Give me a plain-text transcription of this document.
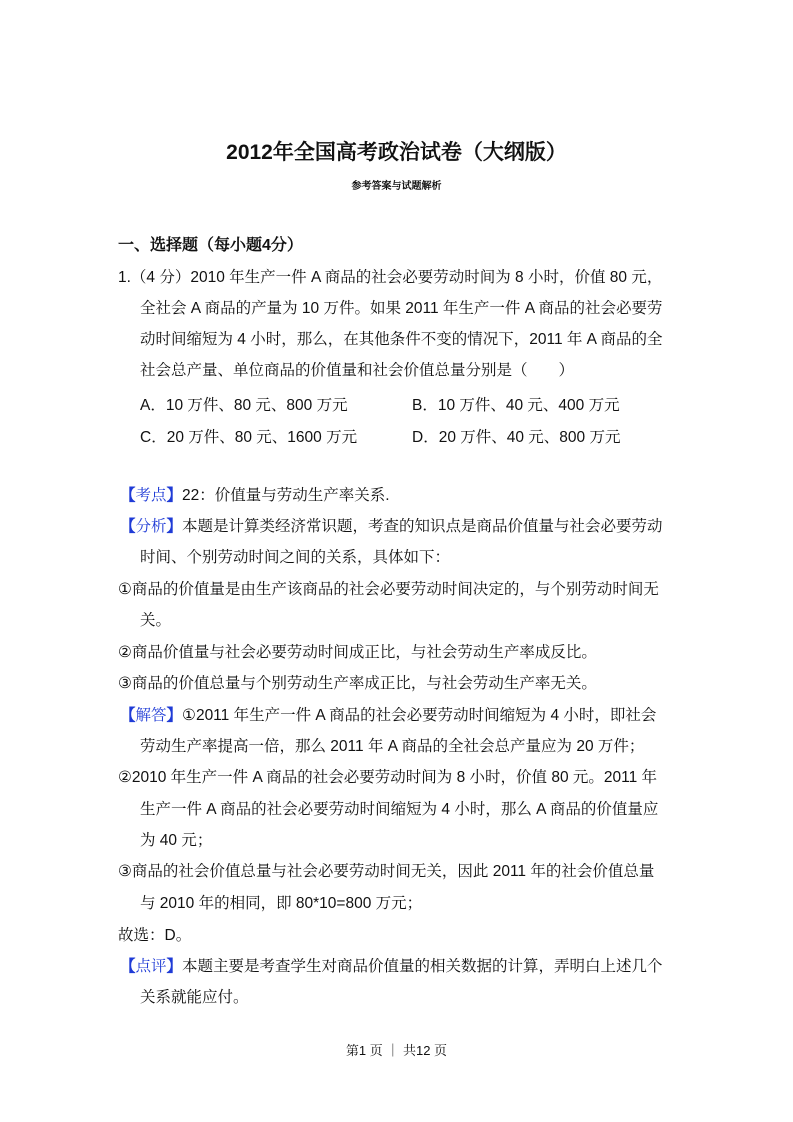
2012年全国高考政治试卷（大纲版）
参考答案与试题解析
一、选择题（每小题4分）
1.（4 分）2010 年生产一件 A 商品的社会必要劳动时间为 8 小时，价值 80 元，
全社会 A 商品的产量为 10 万件。如果 2011 年生产一件 A 商品的社会必要劳
动时间缩短为 4 小时，那么，在其他条件不变的情况下，2011 年 A 商品的全
社会总产量、单位商品的价值量和社会价值总量分别是（　　）
A．10 万件、80 元、800 万元	B．10 万件、40 元、400 万元
C．20 万件、80 元、1600 万元	D．20 万件、40 元、800 万元
【考点】22：价值量与劳动生产率关系.
【分析】本题是计算类经济常识题，考查的知识点是商品价值量与社会必要劳动
时间、个别劳动时间之间的关系，具体如下：
①商品的价值量是由生产该商品的社会必要劳动时间决定的，与个别劳动时间无
关。
②商品价值量与社会必要劳动时间成正比，与社会劳动生产率成反比。
③商品的价值总量与个别劳动生产率成正比，与社会劳动生产率无关。
【解答】①2011 年生产一件 A 商品的社会必要劳动时间缩短为 4 小时，即社会
劳动生产率提高一倍，那么 2011 年 A 商品的全社会总产量应为 20 万件；
②2010 年生产一件 A 商品的社会必要劳动时间为 8 小时，价值 80 元。2011 年
生产一件 A 商品的社会必要劳动时间缩短为 4 小时，那么 A 商品的价值量应
为 40 元；
③商品的社会价值总量与社会必要劳动时间无关，因此 2011 年的社会价值总量
与 2010 年的相同，即 80*10=800 万元；
故选：D。
【点评】本题主要是考查学生对商品价值量的相关数据的计算，弄明白上述几个
关系就能应付。
第1 页 ｜ 共12 页
